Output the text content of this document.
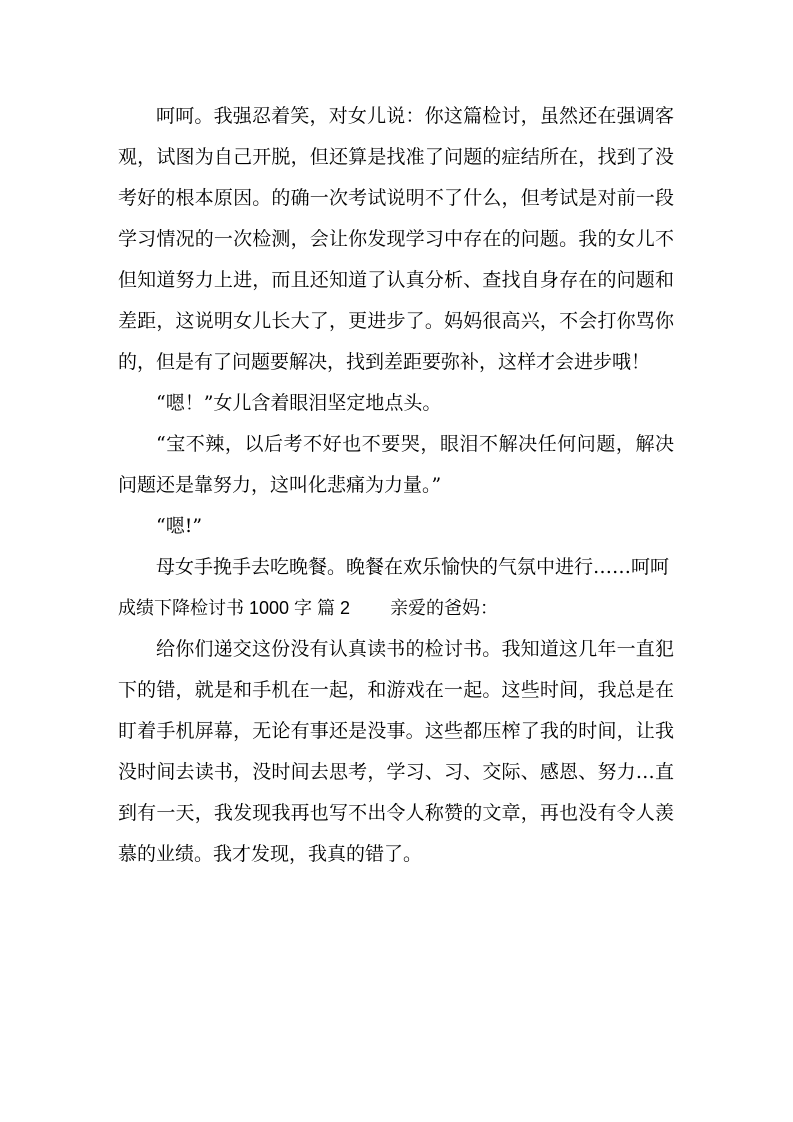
呵呵。我强忍着笑，对女儿说：你这篇检讨，虽然还在强调客观，试图为自己开脱，但还算是找准了问题的症结所在，找到了没考好的根本原因。的确一次考试说明不了什么，但考试是对前一段学习情况的一次检测，会让你发现学习中存在的问题。我的女儿不但知道努力上进，而且还知道了认真分析、查找自身存在的问题和差距，这说明女儿长大了，更进步了。妈妈很高兴，不会打你骂你的，但是有了问题要解决，找到差距要弥补，这样才会进步哦！

“嗯！”女儿含着眼泪坚定地点头。

“宝不辣，以后考不好也不要哭，眼泪不解决任何问题，解决问题还是靠努力，这叫化悲痛为力量。”

“嗯!”

母女手挽手去吃晚餐。晚餐在欢乐愉快的气氛中进行……呵呵

成绩下降检讨书 1000 字 篇 2 亲爱的爸妈：

给你们递交这份没有认真读书的检讨书。我知道这几年一直犯下的错，就是和手机在一起，和游戏在一起。这些时间，我总是在盯着手机屏幕，无论有事还是没事。这些都压榨了我的时间，让我没时间去读书，没时间去思考，学习、习、交际、感恩、努力…直到有一天，我发现我再也写不出令人称赞的文章，再也没有令人羡慕的业绩。我才发现，我真的错了。
